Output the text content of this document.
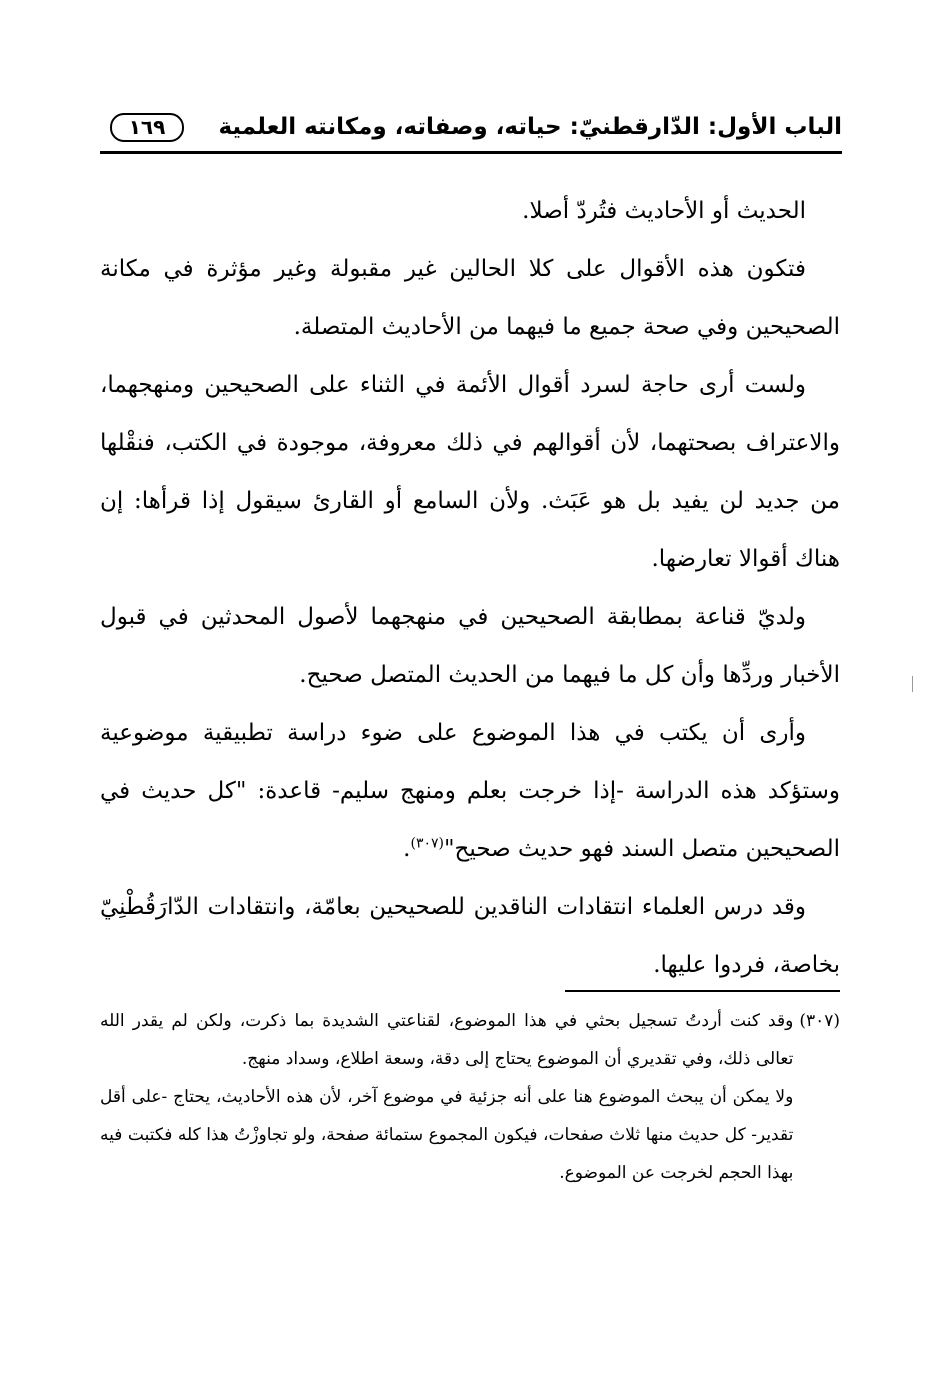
الباب الأول: الدّارقطنيّ: حياته، وصفاته، ومكانته العلمية
١٦٩

الحديث أو الأحاديث فتُردّ أصلا.

فتكون هذه الأقوال على كلا الحالين غير مقبولة وغير مؤثرة في مكانة الصحيحين وفي صحة جميع ما فيهما من الأحاديث المتصلة.

ولست أرى حاجة لسرد أقوال الأئمة في الثناء على الصحيحين ومنهجهما، والاعتراف بصحتهما، لأن أقوالهم في ذلك معروفة، موجودة في الكتب، فنقْلها من جديد لن يفيد بل هو عَبَث. ولأن السامع أو القارئ سيقول إذا قرأها: إن هناك أقوالا تعارضها.

ولديّ قناعة بمطابقة الصحيحين في منهجهما لأصول المحدثين في قبول الأخبار وردِّها وأن كل ما فيهما من الحديث المتصل صحيح.

وأرى أن يكتب في هذا الموضوع على ضوء دراسة تطبيقية موضوعية وستؤكد هذه الدراسة -إذا خرجت بعلم ومنهج سليم- قاعدة: "كل حديث في الصحيحين متصل السند فهو حديث صحيح"$^{(٣٠٧)}$.

وقد درس العلماء انتقادات الناقدين للصحيحين بعامّة، وانتقادات الدّارَقُطْنِيّ بخاصة، فردوا عليها.

(٣٠٧)

وقد كنت أردتُ تسجيل بحثي في هذا الموضوع، لقناعتي الشديدة بما ذكرت، ولكن لم يقدر الله تعالى ذلك، وفي تقديري أن الموضوع يحتاج إلى دقة، وسعة اطلاع، وسداد منهج.

ولا يمكن أن يبحث الموضوع هنا على أنه جزئية في موضوع آخر، لأن هذه الأحاديث، يحتاج -على أقل تقدير- كل حديث منها ثلاث صفحات، فيكون المجموع ستمائة صفحة، ولو تجاوزْتُ هذا كله فكتبت فيه بهذا الحجم لخرجت عن الموضوع.
